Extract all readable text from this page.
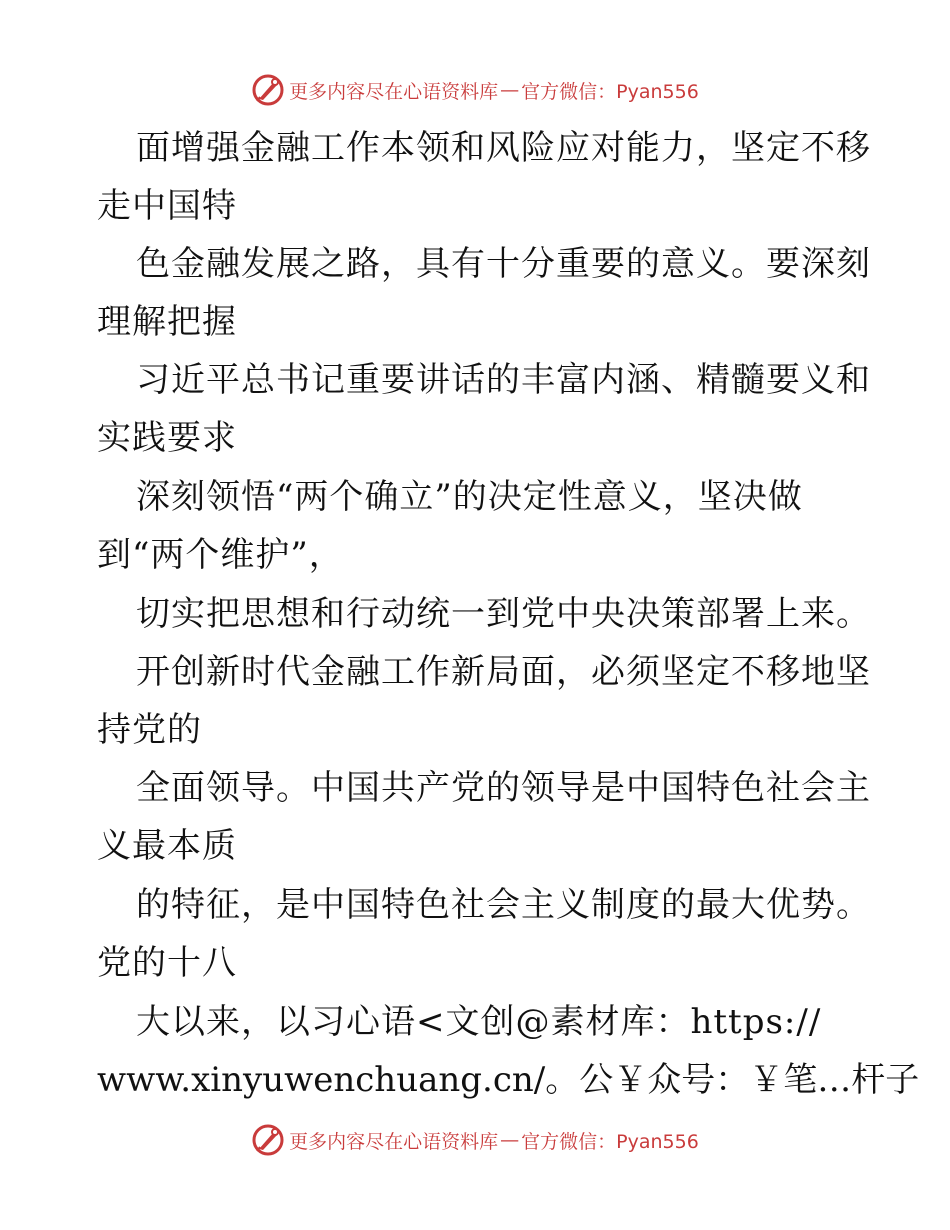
更多内容尽在心语资料库 — 官方微信：Pyan556
面增强金融工作本领和风险应对能力，坚定不移
走中国特
色金融发展之路，具有十分重要的意义。要深刻
理解把握
习近平总书记重要讲话的丰富内涵、精髓要义和
实践要求
深刻领悟“两个确立”的决定性意义，坚决做
到“两个维护”，
切实把思想和行动统一到党中央决策部署上来。
开创新时代金融工作新局面，必须坚定不移地坚
持党的
全面领导。中国共产党的领导是中国特色社会主
义最本质
的特征，是中国特色社会主义制度的最大优势。
党的十八
大以来，以习心语<文创@素材库：https://
www.xinyuwenchuang.cn/。公￥众号：￥笔…杆子
更多内容尽在心语资料库 — 官方微信：Pyan556
